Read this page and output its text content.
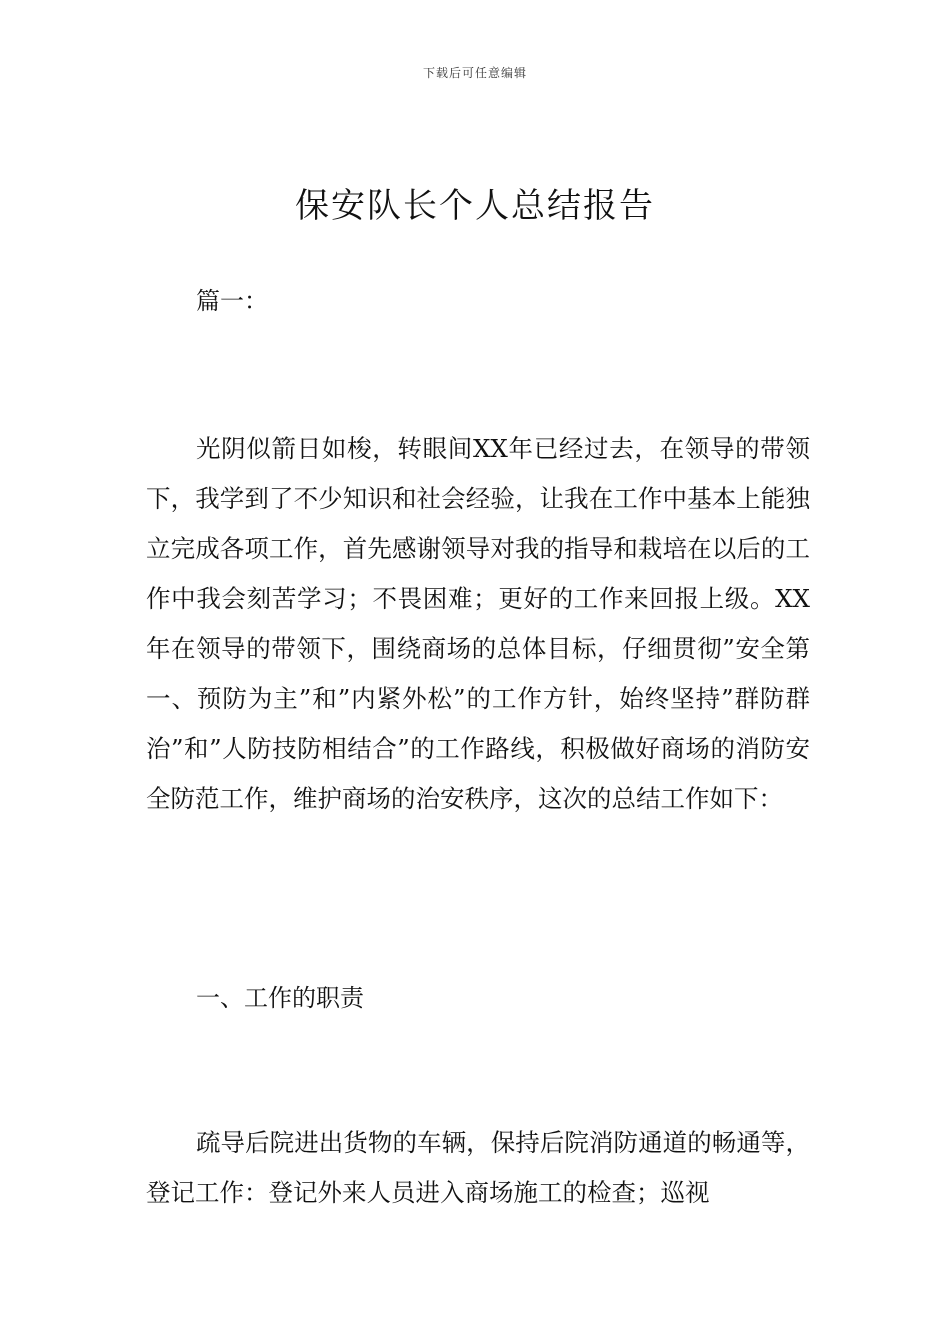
下载后可任意编辑
保安队长个人总结报告
篇一：

光阴似箭日如梭，转眼间XX年已经过去，在领导的带领下，我学到了不少知识和社会经验，让我在工作中基本上能独立完成各项工作，首先感谢领导对我的指导和栽培在以后的工作中我会刻苦学习；不畏困难；更好的工作来回报上级。XX年在领导的带领下，围绕商场的总体目标，仔细贯彻”安全第一、预防为主”和”内紧外松”的工作方针，始终坚持”群防群治”和”人防技防相结合”的工作路线，积极做好商场的消防安全防范工作，维护商场的治安秩序，这次的总结工作如下：

一、工作的职责

疏导后院进出货物的车辆，保持后院消防通道的畅通等，登记工作：登记外来人员进入商场施工的检查；巡视
